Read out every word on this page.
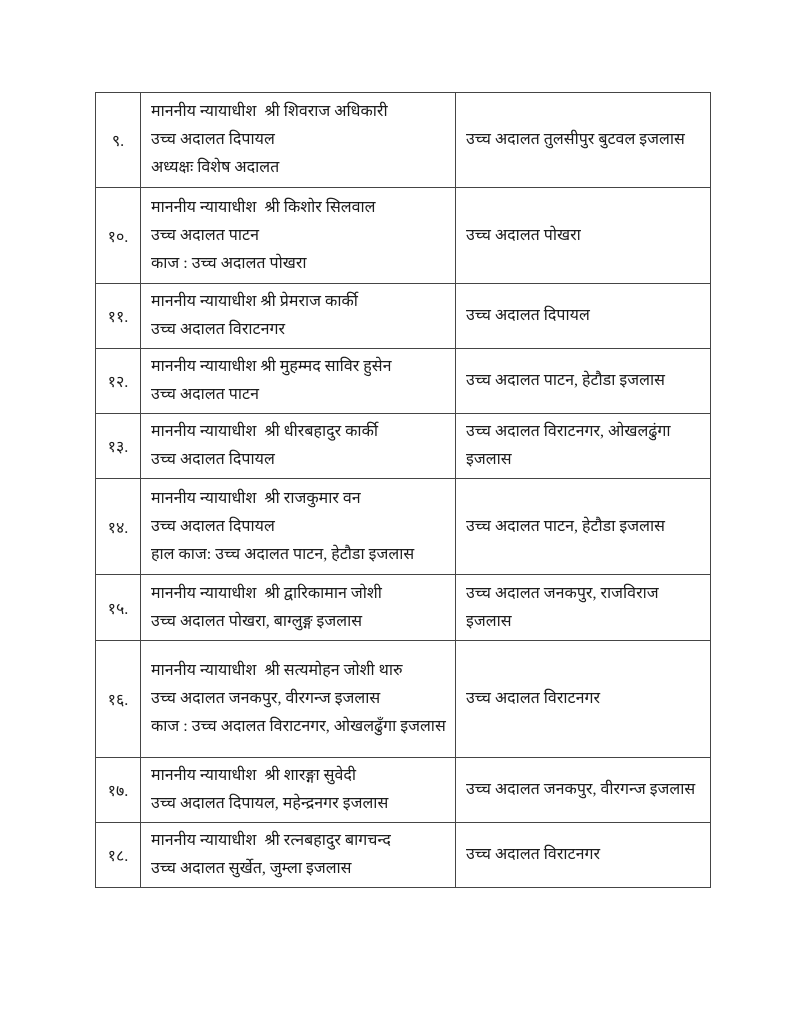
९.	माननीय न्यायाधीश  श्री शिवराज अधिकारी
उच्च अदालत दिपायल
अध्यक्षः विशेष अदालत	उच्च अदालत तुलसीपुर बुटवल इजलास

१०.	माननीय न्यायाधीश  श्री किशोर सिलवाल
उच्च अदालत पाटन
काज : उच्च अदालत पोखरा	उच्च अदालत पोखरा

११.	माननीय न्यायाधीश श्री प्रेमराज कार्की
उच्च अदालत विराटनगर	उच्च अदालत दिपायल

१२.	माननीय न्यायाधीश श्री मुहम्मद साविर हुसेन
उच्च अदालत पाटन	उच्च अदालत पाटन, हेटौडा इजलास

१३.	माननीय न्यायाधीश  श्री धीरबहादुर कार्की
उच्च अदालत दिपायल	उच्च अदालत विराटनगर, ओखलढुंगा इजलास

१४.	माननीय न्यायाधीश  श्री राजकुमार वन
उच्च अदालत दिपायल
हाल काज: उच्च अदालत पाटन, हेटौडा इजलास	उच्च अदालत पाटन, हेटौडा इजलास

१५.	माननीय न्यायाधीश  श्री द्वारिकामान जोशी
उच्च अदालत पोखरा, बाग्लुङ्ग इजलास	उच्च अदालत जनकपुर, राजविराज इजलास

१६.	माननीय न्यायाधीश  श्री सत्यमोहन जोशी थारु
उच्च अदालत जनकपुर, वीरगन्ज इजलास
काज : उच्च अदालत विराटनगर, ओखलढुँगा इजलास	उच्च अदालत विराटनगर

१७.	माननीय न्यायाधीश  श्री शारङ्गा सुवेदी
उच्च अदालत दिपायल, महेन्द्रनगर इजलास	उच्च अदालत जनकपुर, वीरगन्ज इजलास

१८.	माननीय न्यायाधीश  श्री रत्नबहादुर बागचन्द
उच्च अदालत सुर्खेत, जुम्ला इजलास	उच्च अदालत विराटनगर
